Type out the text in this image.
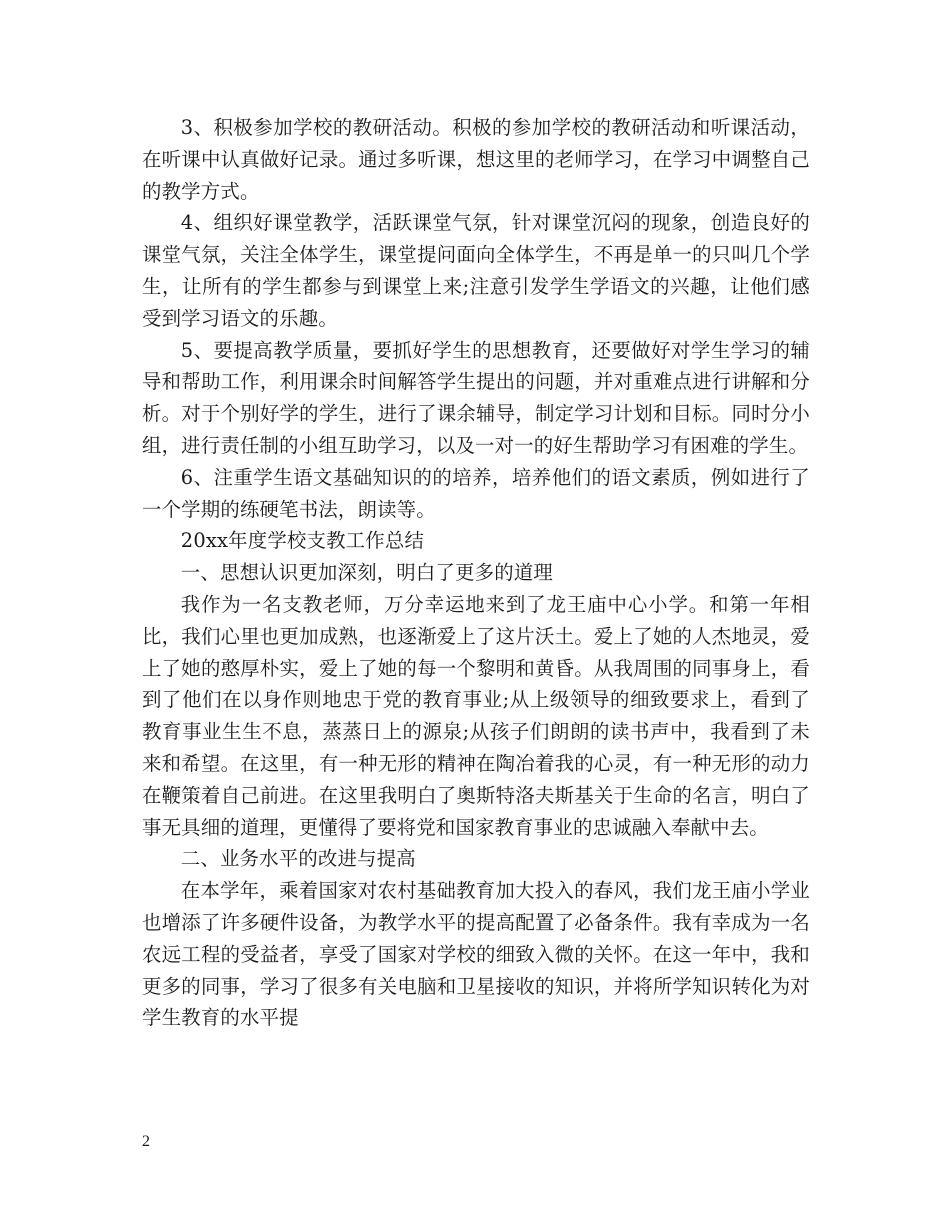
3、积极参加学校的教研活动。积极的参加学校的教研活动和听课活动，在听课中认真做好记录。通过多听课，想这里的老师学习，在学习中调整自己的教学方式。

4、组织好课堂教学，活跃课堂气氛，针对课堂沉闷的现象，创造良好的课堂气氛，关注全体学生，课堂提问面向全体学生，不再是单一的只叫几个学生，让所有的学生都参与到课堂上来;注意引发学生学语文的兴趣，让他们感受到学习语文的乐趣。

5、要提高教学质量，要抓好学生的思想教育，还要做好对学生学习的辅导和帮助工作，利用课余时间解答学生提出的问题，并对重难点进行讲解和分析。对于个别好学的学生，进行了课余辅导，制定学习计划和目标。同时分小组，进行责任制的小组互助学习，以及一对一的好生帮助学习有困难的学生。

6、注重学生语文基础知识的的培养，培养他们的语文素质，例如进行了一个学期的练硬笔书法，朗读等。

20xx年度学校支教工作总结

一、思想认识更加深刻，明白了更多的道理

我作为一名支教老师，万分幸运地来到了龙王庙中心小学。和第一年相比，我们心里也更加成熟，也逐渐爱上了这片沃土。爱上了她的人杰地灵，爱上了她的憨厚朴实，爱上了她的每一个黎明和黄昏。从我周围的同事身上，看到了他们在以身作则地忠于党的教育事业;从上级领导的细致要求上，看到了教育事业生生不息，蒸蒸日上的源泉;从孩子们朗朗的读书声中，我看到了未来和希望。在这里，有一种无形的精神在陶冶着我的心灵，有一种无形的动力在鞭策着自己前进。在这里我明白了奥斯特洛夫斯基关于生命的名言，明白了事无具细的道理，更懂得了要将党和国家教育事业的忠诚融入奉献中去。

二、业务水平的改进与提高

在本学年，乘着国家对农村基础教育加大投入的春风，我们龙王庙小学业也增添了许多硬件设备，为教学水平的提高配置了必备条件。我有幸成为一名农远工程的受益者，享受了国家对学校的细致入微的关怀。在这一年中，我和更多的同事，学习了很多有关电脑和卫星接收的知识，并将所学知识转化为对学生教育的水平提

2
